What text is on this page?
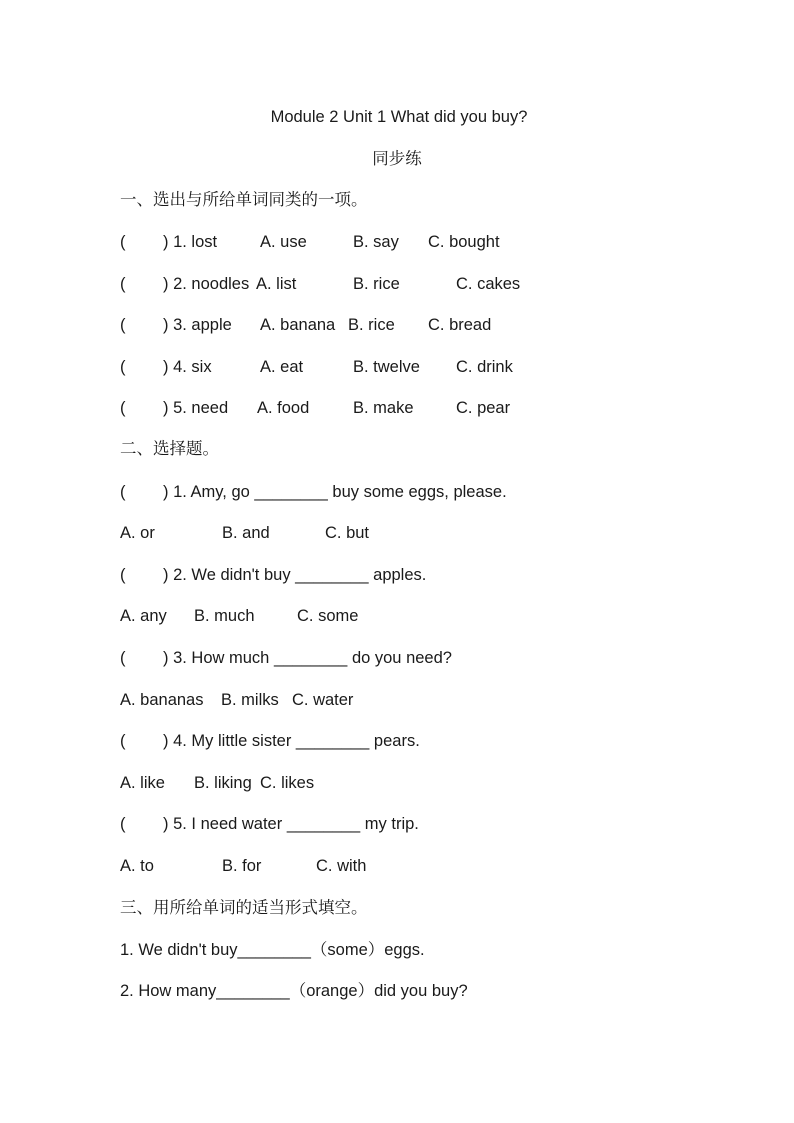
Module 2 Unit 1 What did you buy?
同步练
一、选出与所给单词同类的一项。
( ) 1. lost	A. use	B. say C. bought
( ) 2. noodles A. list	B. rice	C. cakes
( ) 3. apple A. banana B. rice C. bread
( ) 4. six	A. eat	B. twelve C. drink
( ) 5. need A. food	B. make	C. pear
二、选择题。
( ) 1. Amy, go ________ buy some eggs, please.
A. or	B. and	C. but
( ) 2. We didn't buy ________ apples.
A. any B. much	C. some
( ) 3. How much ________ do you need?
A. bananas B. milks C. water
( ) 4. My little sister ________ pears.
A. like B. liking C. likes
( ) 5. I need water ________ my trip.
A. to	B. for	C. with
三、用所给单词的适当形式填空。
1. We didn't buy________（some）eggs.
2. How many________（orange）did you buy?
